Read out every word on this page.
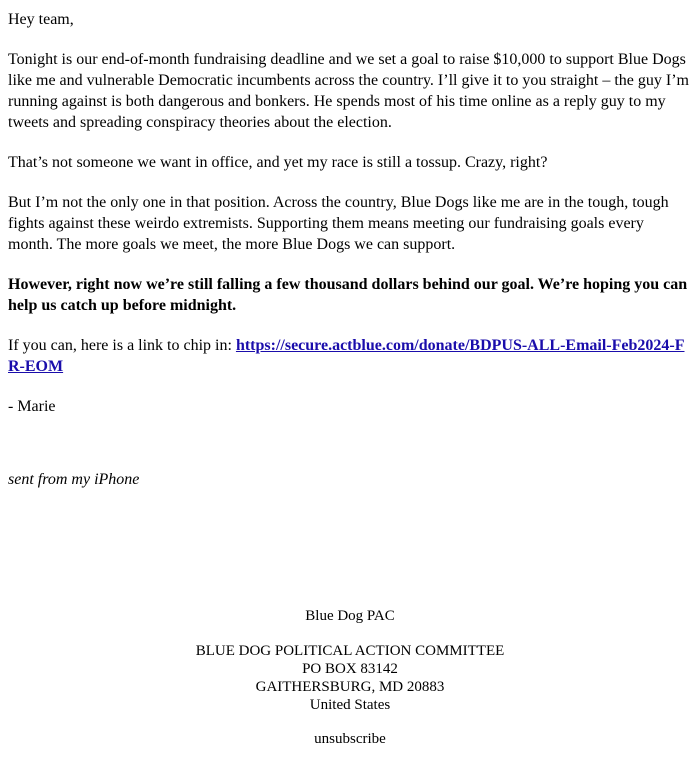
Hey team,

Tonight is our end-of-month fundraising deadline and we set a goal to raise $10,000 to support Blue Dogs like me and vulnerable Democratic incumbents across the country. I’ll give it to you straight – the guy I’m running against is both dangerous and bonkers. He spends most of his time online as a reply guy to my tweets and spreading conspiracy theories about the election.

That’s not someone we want in office, and yet my race is still a tossup. Crazy, right?

But I’m not the only one in that position. Across the country, Blue Dogs like me are in the tough, tough fights against these weirdo extremists. Supporting them means meeting our fundraising goals every month. The more goals we meet, the more Blue Dogs we can support.

However, right now we’re still falling a few thousand dollars behind our goal. We’re hoping you can help us catch up before midnight.

If you can, here is a link to chip in: https://secure.actblue.com/donate/BDPUS-ALL-Email-Feb2024-FR-EOM

- Marie

sent from my iPhone
Blue Dog PAC
BLUE DOG POLITICAL ACTION COMMITTEE
PO BOX 83142
GAITHERSBURG, MD 20883
United States
unsubscribe
